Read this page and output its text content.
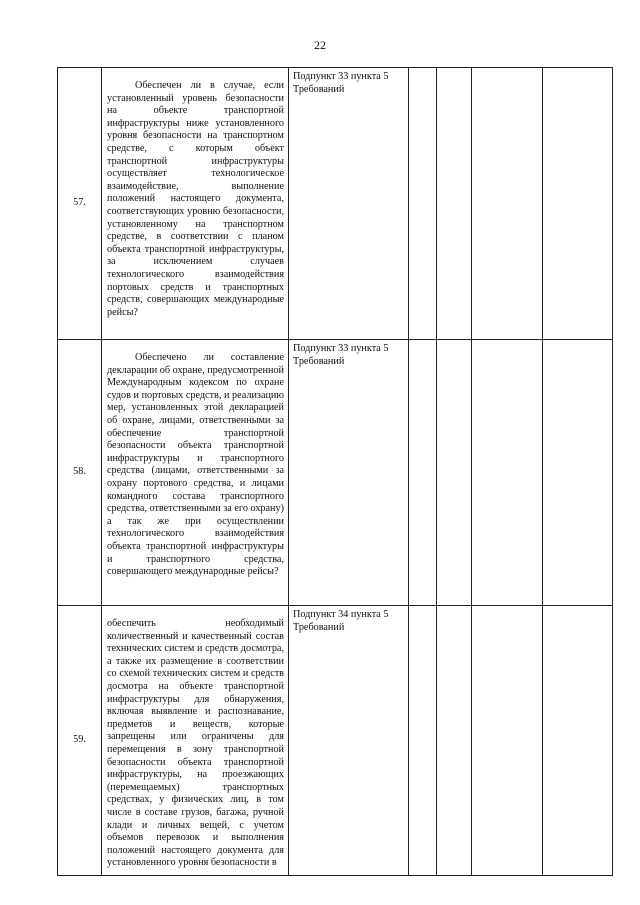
22
57.	Обеспечен ли в случае, если установленный уровень безопасности на объекте транспортной инфраструктуры ниже установленного уровня безопасности на транспортном средстве, с которым объект транспортной инфраструктуры осуществляет технологическое взаимодействие, выполнение положений настоящего документа, соответствующих уровню безопасности, установленному на транспортном средстве, в соответствии с планом объекта транспортной инфраструктуры, за исключением случаев технологического взаимодействия портовых средств и транспортных средств, совершающих международные рейсы?	Подпункт 33 пункта 5 Требований				
58.	Обеспечено ли составление декларации об охране, предусмотренной Международным кодексом по охране судов и портовых средств, и реализацию мер, установленных этой декларацией об охране, лицами, ответственными за обеспечение транспортной безопасности объекта транспортной инфраструктуры и транспортного средства (лицами, ответственными за охрану портового средства, и лицами командного состава транспортного средства, ответственными за его охрану) а так же при осуществлении технологического взаимодействия объекта транспортной инфраструктуры и транспортного средства, совершающего международные рейсы?	Подпункт 33 пункта 5 Требований				
59.	обеспечить необходимый количественный и качественный состав технических систем и средств досмотра, а также их размещение в соответствии со схемой технических систем и средств досмотра на объекте транспортной инфраструктуры для обнаружения, включая выявление и распознавание, предметов и веществ, которые запрещены или ограничены для перемещения в зону транспортной безопасности объекта транспортной инфраструктуры, на проезжающих (перемещаемых) транспортных средствах, у физических лиц, в том числе в составе грузов, багажа, ручной клади и личных вещей, с учетом объемов перевозок и выполнения положений настоящего документа для установленного уровня безопасности в	Подпункт 34 пункта 5 Требований				
